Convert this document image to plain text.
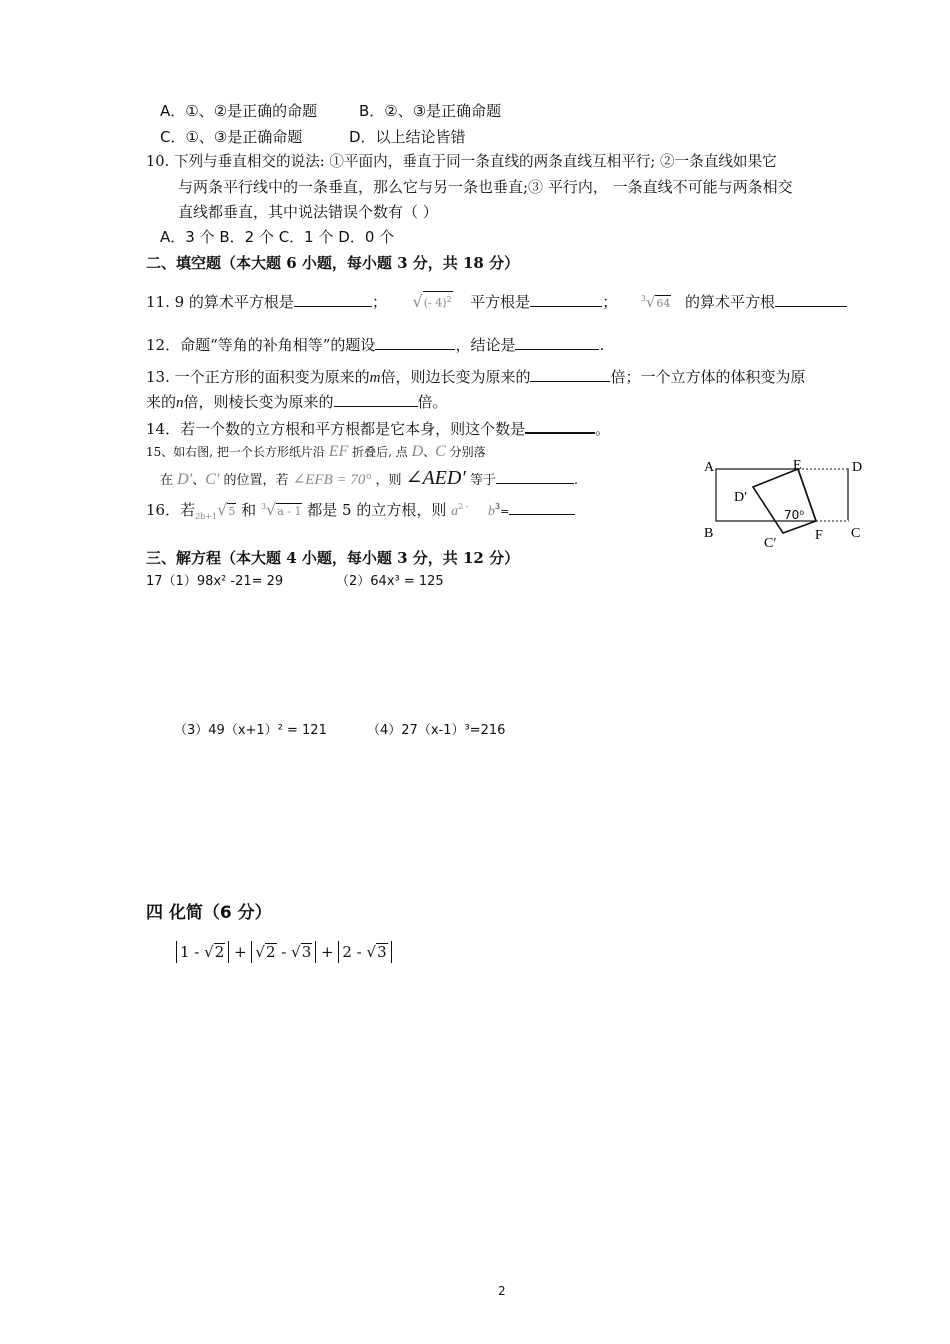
A．①、②是正确的命题	B．②、③是正确命题
C．①、③是正确命题	D．以上结论皆错
10. 下列与垂直相交的说法: ①平面内，垂直于同一条直线的两条直线互相平行; ②一条直线如果它
与两条平行线中的一条垂直，那么它与另一条也垂直;③ 平行内， 一条直线不可能与两条相交
直线都垂直，其中说法错误个数有（ ）
A．3 个 B．2 个 C．1 个 D．0 个
二、填空题（本大题 6 小题，每小题 3 分，共 18 分）
11. 9 的算术平方根是	； √(- 4)$^2$ 平方根是	；	$^3$√64 的算术平方根
12．命题“等角的补角相等”的题设	，结论是	.
13. 一个正方形的面积变为原来的m倍，则边长变为原来的	倍；一个立方体的体积变为原
来的n倍，则棱长变为原来的	倍。
14．若一个数的立方根和平方根都是它本身，则这个数是	。
15、如右图, 把一个长方形纸片沿 EF 折叠后, 点 D、C 分别落
在 D′、C′ 的位置，若 ∠EFB = 70° ，则 ∠AED′ 等于	.
16．若$_{2b+1}$√5 和 $^3$√a - 1 都是 5 的立方根，则 $a^{2 -}$ $b^3=$
A	E	D
B	F C
D′
C′
70⁰
三、解方程（本大题 4 小题，每小题 3 分，共 12 分）
17（1）98x² -21= 29	（2）64x³ = 125
（3）49（x+1）² = 121	（4）27（x-1）³=216
四 化简（6 分）
1 - √2 + √2 - √3 + 2 - √3
2
